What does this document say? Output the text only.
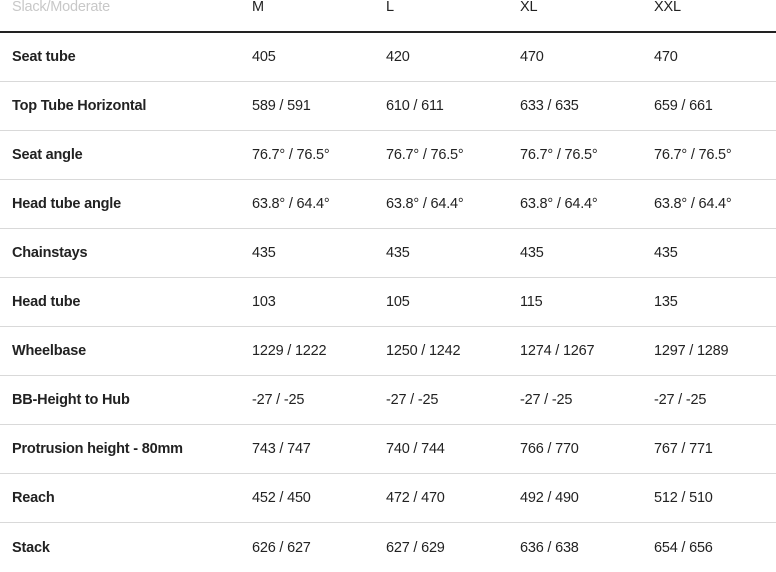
Slack/Moderate	M	L	XL	XXL
Seat tube	405	420	470	470
Top Tube Horizontal	589 / 591	610 / 611	633 / 635	659 / 661
Seat angle	76.7° / 76.5°	76.7° / 76.5°	76.7° / 76.5°	76.7° / 76.5°
Head tube angle	63.8° / 64.4°	63.8° / 64.4°	63.8° / 64.4°	63.8° / 64.4°
Chainstays	435	435	435	435
Head tube	103	105	115	135
Wheelbase	1229 / 1222	1250 / 1242	1274 / 1267	1297 / 1289
BB-Height to Hub	-27 / -25	-27 / -25	-27 / -25	-27 / -25
Protrusion height - 80mm	743 / 747	740 / 744	766 / 770	767 / 771
Reach	452 / 450	472 / 470	492 / 490	512 / 510
Stack	626 / 627	627 / 629	636 / 638	654 / 656
